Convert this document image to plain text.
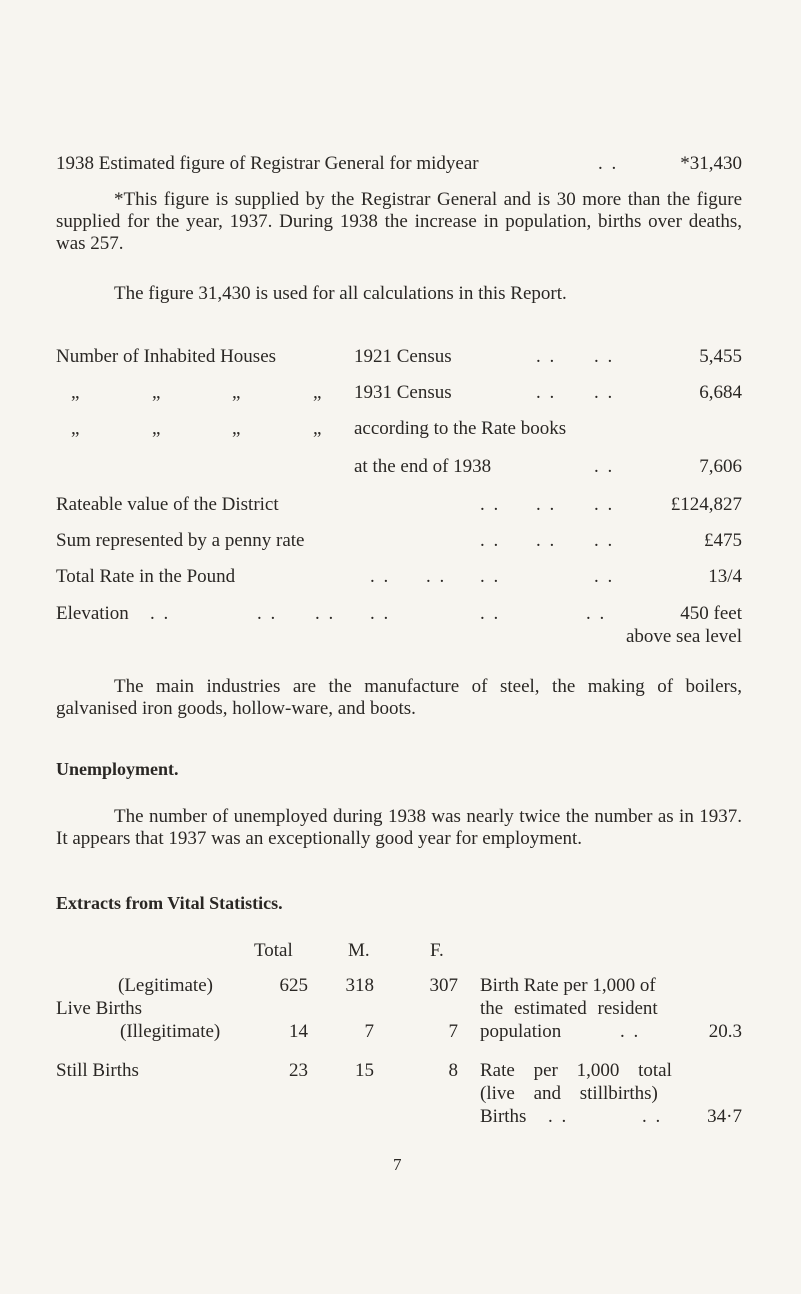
1938 Estimated figure of Registrar General for midyear	. .	*31,430

*This figure is supplied by the Registrar General and is 30 more than the figure supplied for the year, 1937. During 1938 the increase in population, births over deaths, was 257.

The figure 31,430 is used for all calculations in this Report.

Number of Inhabited Houses	1921 Census	. . . .	5,455
„	„	„	„ 1931 Census	. . . .	6,684
„	„	„	„ according to the Rate books
at the end of 1938	. .	7,606
Rateable value of the District	. . . . . .	£124,827
Sum represented by a penny rate	. . . . . .	£475
Total Rate in the Pound	. . . . . .	. .	13/4
Elevation . .	. . . . . .	. .	. .	450 feet
above sea level

The main industries are the manufacture of steel, the making of boilers, galvanised iron goods, hollow-ware, and boots.

Unemployment.

The number of unemployed during 1938 was nearly twice the number as in 1937. It appears that 1937 was an exceptionally good year for employment.

Extracts from Vital Statistics.
Total	M.	F.
(Legitimate)	625	318	307
Live Births
(Illegitimate)	14	7	7
Birth Rate per 1,000 of
the estimated resident
population	. .	20.3
Still Births	23	15	8 Rate per 1,000 total
(live and stillbirths)
Births . .	. .	34·7
7
